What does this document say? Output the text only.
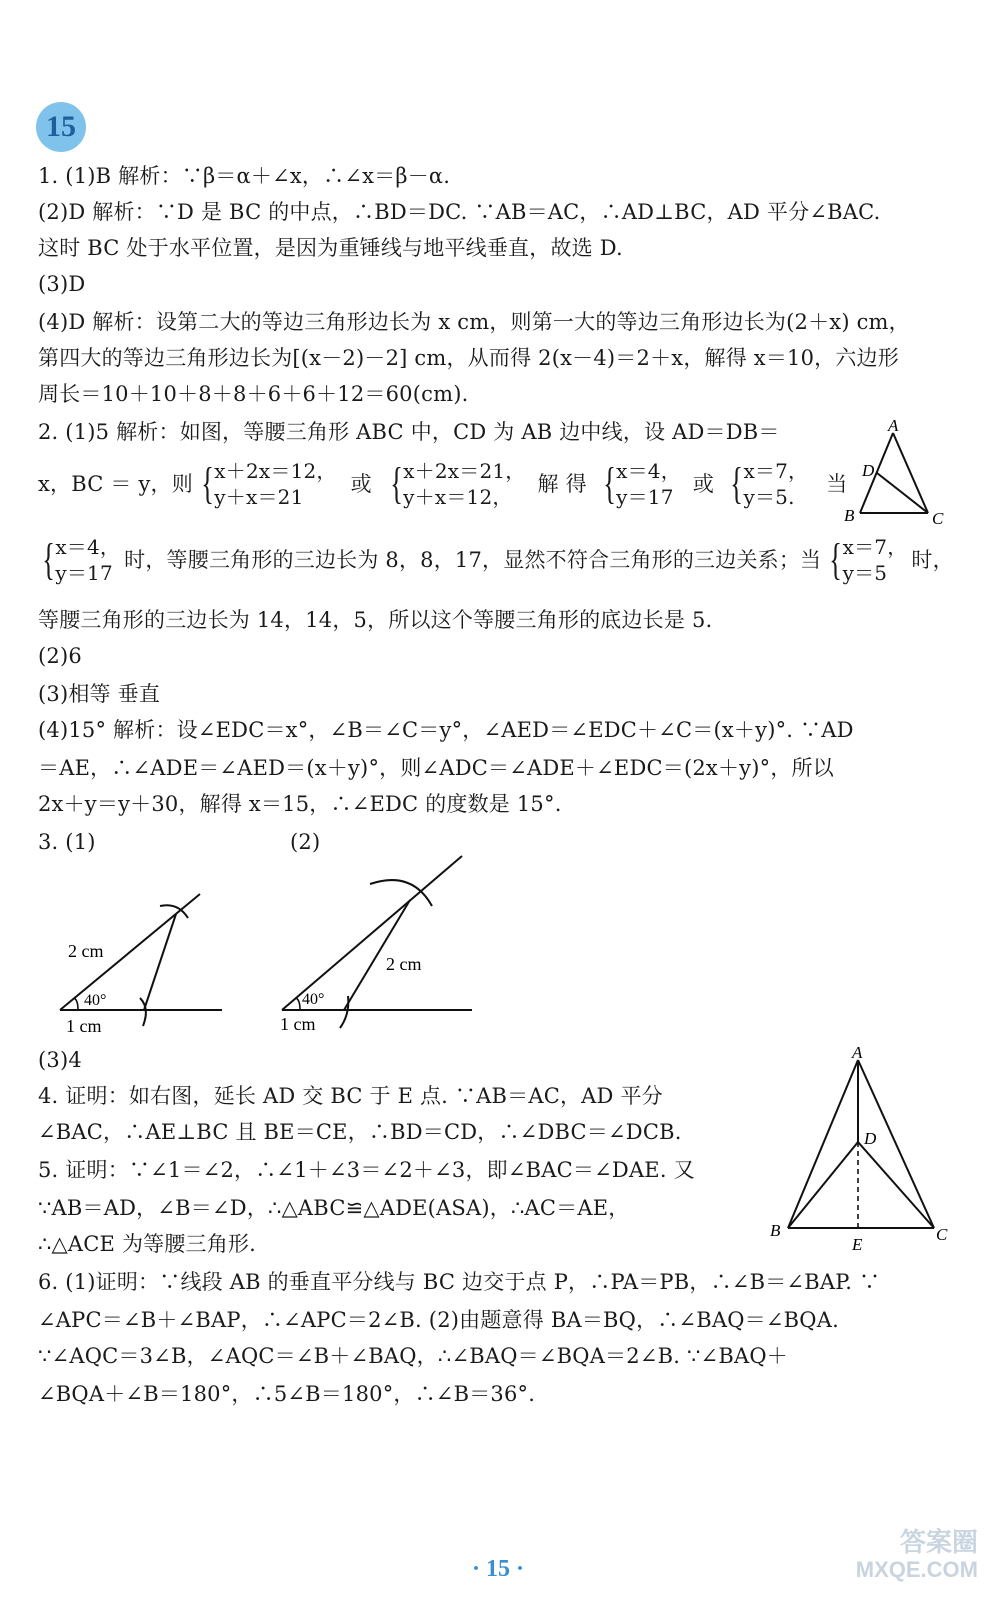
15
1. (1)B 解析：∵β＝α＋∠x，∴∠x＝β－α.
(2)D 解析：∵D 是 BC 的中点，∴BD＝DC. ∵AB＝AC，∴AD⊥BC，AD 平分∠BAC.
这时 BC 处于水平位置，是因为重锤线与地平线垂直，故选 D.
(3)D
(4)D 解析：设第二大的等边三角形边长为 x cm，则第一大的等边三角形边长为(2＋x) cm，
第四大的等边三角形边长为[(x－2)－2] cm，从而得 2(x－4)＝2＋x，解得 x＝10，六边形
周长＝10＋10＋8＋8＋6＋6＋12＝60(cm).
2. (1)5 解析：如图，等腰三角形 ABC 中，CD 为 AB 边中线，设 AD＝DB＝
x，BC ＝ y，则 { x＋2x＝12，
y＋x＝21
或 { x＋2x＝21，
y＋x＝12，
解 得 { x＝4，
y＝17
或 { x＝7，
y＝5.
当
{ x＝4，
y＝17
时，等腰三角形的三边长为 8，8，17，显然不符合三角形的三边关系；当 { x＝7，
y＝5
时，
等腰三角形的三边长为 14，14，5，所以这个等腰三角形的底边长是 5.
(2)6
(3)相等 垂直
(4)15° 解析：设∠EDC＝x°，∠B＝∠C＝y°，∠AED＝∠EDC＋∠C＝(x＋y)°. ∵AD
＝AE，∴∠ADE＝∠AED＝(x＋y)°，则∠ADC＝∠ADE＋∠EDC＝(2x＋y)°，所以
2x＋y＝y＋30，解得 x＝15，∴∠EDC 的度数是 15°.
3. (1)	(2)
A
D
B	C
2 cm
40°
1 cm
2 cm
40°
1 cm
(3)4
4. 证明：如右图，延长 AD 交 BC 于 E 点. ∵AB＝AC，AD 平分
∠BAC，∴AE⊥BC 且 BE＝CE，∴BD＝CD，∴∠DBC＝∠DCB.
5. 证明：∵∠1＝∠2，∴∠1＋∠3＝∠2＋∠3，即∠BAC＝∠DAE. 又
∵AB＝AD，∠B＝∠D，∴△ABC≌△ADE(ASA)，∴AC＝AE，
∴△ACE 为等腰三角形.
A
D
B	C
E
6. (1)证明：∵线段 AB 的垂直平分线与 BC 边交于点 P，∴PA＝PB，∴∠B＝∠BAP. ∵
∠APC＝∠B＋∠BAP，∴∠APC＝2∠B. (2)由题意得 BA＝BQ，∴∠BAQ＝∠BQA.
∵∠AQC＝3∠B，∠AQC＝∠B＋∠BAQ，∴∠BAQ＝∠BQA＝2∠B. ∵∠BAQ＋
∠BQA＋∠B＝180°，∴5∠B＝180°，∴∠B＝36°.
· 15 ·
答案圈
MXQE.COM
